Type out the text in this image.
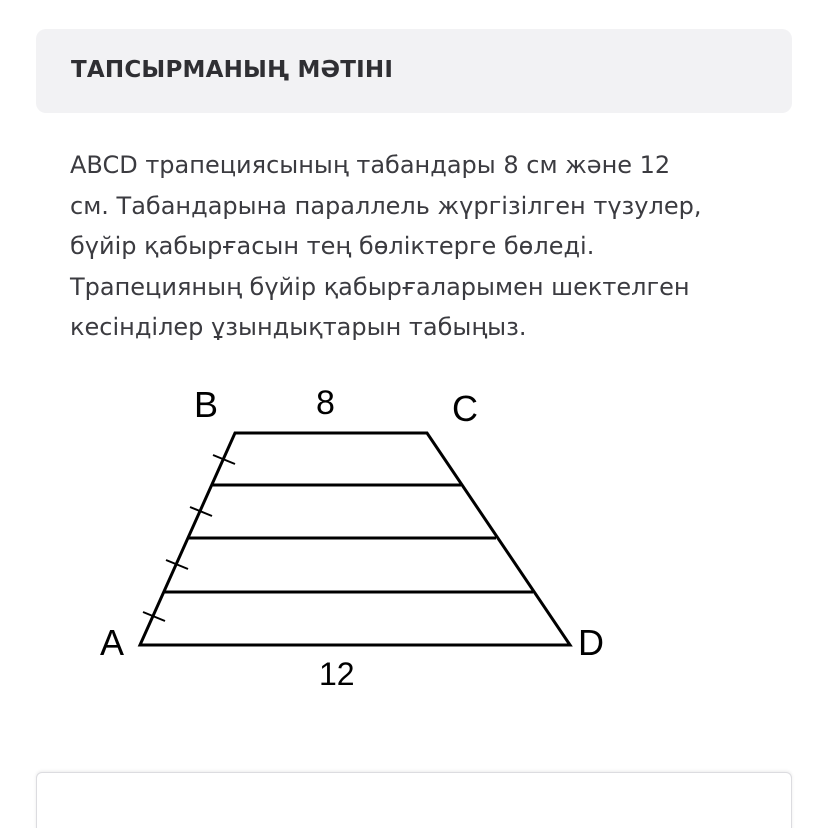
ТАПСЫРМАНЫҢ МӘТІНІ
ABCD трапециясының табандары 8 см және 12
см. Табандарына параллель жүргізілген түзулер,
бүйір қабырғасын тең бөліктерге бөледі.
Трапецияның бүйір қабырғаларымен шектелген
кесінділер ұзындықтарын табыңыз.
B	8	C
A	D
12
